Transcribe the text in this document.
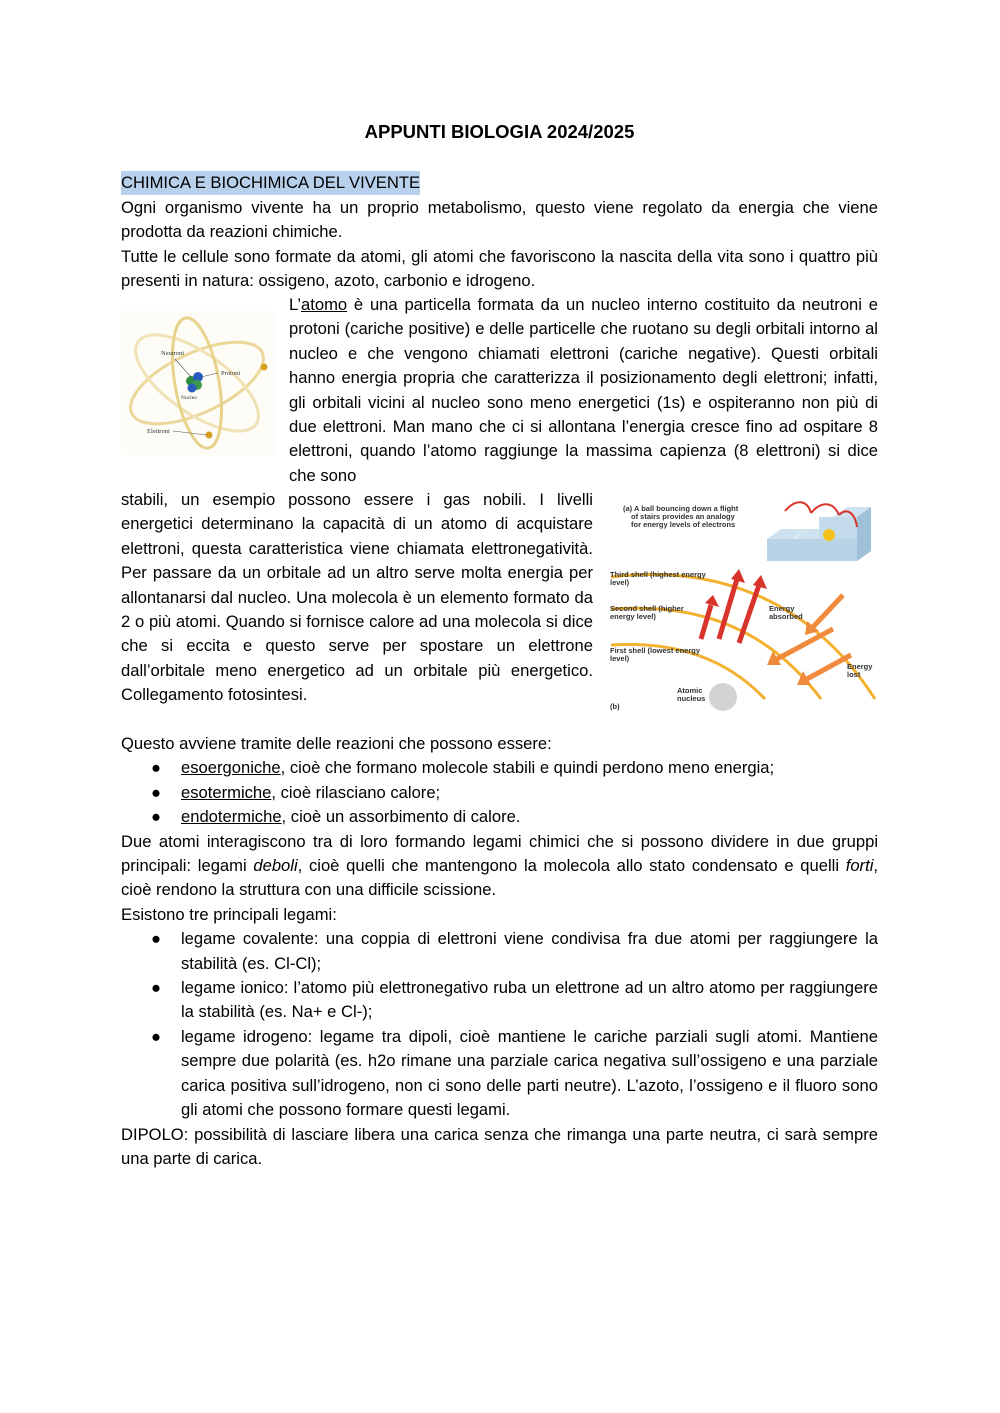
APPUNTI BIOLOGIA 2024/2025
CHIMICA E BIOCHIMICA DEL VIVENTE

Ogni organismo vivente ha un proprio metabolismo, questo viene regolato da energia che viene prodotta da reazioni chimiche.

Tutte le cellule sono formate da atomi, gli atomi che favoriscono la nascita della vita sono i quattro più presenti in natura: ossigeno, azoto, carbonio e idrogeno.

L’atomo è una particella formata da un nucleo interno costituito da neutroni e protoni (cariche positive) e delle particelle che ruotano su degli orbitali intorno al nucleo e che vengono chiamati elettroni (cariche negative). Questi orbitali hanno energia propria che caratterizza il posizionamento degli elettroni; infatti, gli orbitali vicini al nucleo sono meno energetici (1s) e ospiteranno non più di due elettroni. Man mano che ci si allontana l’energia cresce fino ad ospitare 8 elettroni, quando l’atomo raggiunge la massima capienza (8 elettroni) si dice che sono

stabili, un esempio possono essere i gas nobili. I livelli energetici determinano la capacità di un atomo di acquistare elettroni, questa caratteristica viene chiamata elettronegatività. Per passare da un orbitale ad un altro serve molta energia per allontanarsi dal nucleo. Una molecola è un elemento formato da 2 o più atomi. Quando si fornisce calore ad una molecola si dice che si eccita e questo serve per spostare un elettrone dall’orbitale meno energetico ad un orbitale più energetico. Collegamento fotosintesi.

Questo avviene tramite delle reazioni che possono essere:

● esoergoniche, cioè che formano molecole stabili e quindi perdono meno energia;
● esotermiche, cioè rilasciano calore;
● endotermiche, cioè un assorbimento di calore.

Due atomi interagiscono tra di loro formando legami chimici che si possono dividere in due gruppi principali: legami deboli, cioè quelli che mantengono la molecola allo stato condensato e quelli forti, cioè rendono la struttura con una difficile scissione.

Esistono tre principali legami:

● legame covalente: una coppia di elettroni viene condivisa fra due atomi per raggiungere la stabilità (es. Cl-Cl);
● legame ionico: l’atomo più elettronegativo ruba un elettrone ad un altro atomo per raggiungere la stabilità (es. Na+ e Cl-);
● legame idrogeno: legame tra dipoli, cioè mantiene le cariche parziali sugli atomi. Mantiene sempre due polarità (es. h2o rimane una parziale carica negativa sull’ossigeno e una parziale carica positiva sull’idrogeno, non ci sono delle parti neutre). L’azoto, l’ossigeno e il fluoro sono gli atomi che possono formare questi legami.

DIPOLO: possibilità di lasciare libera una carica senza che rimanga una parte neutra, ci sarà sempre una parte di carica.

Neutroni
Protoni
Nucleo
Elettroni
(a) A ball bouncing down a flight of stairs provides an analogy for energy levels of electrons
Third shell (highest energy level)
Second shell (higher energy level)
First shell (lowest energy level)
Energy absorbed
Energy lost
Atomic nucleus
(b)
